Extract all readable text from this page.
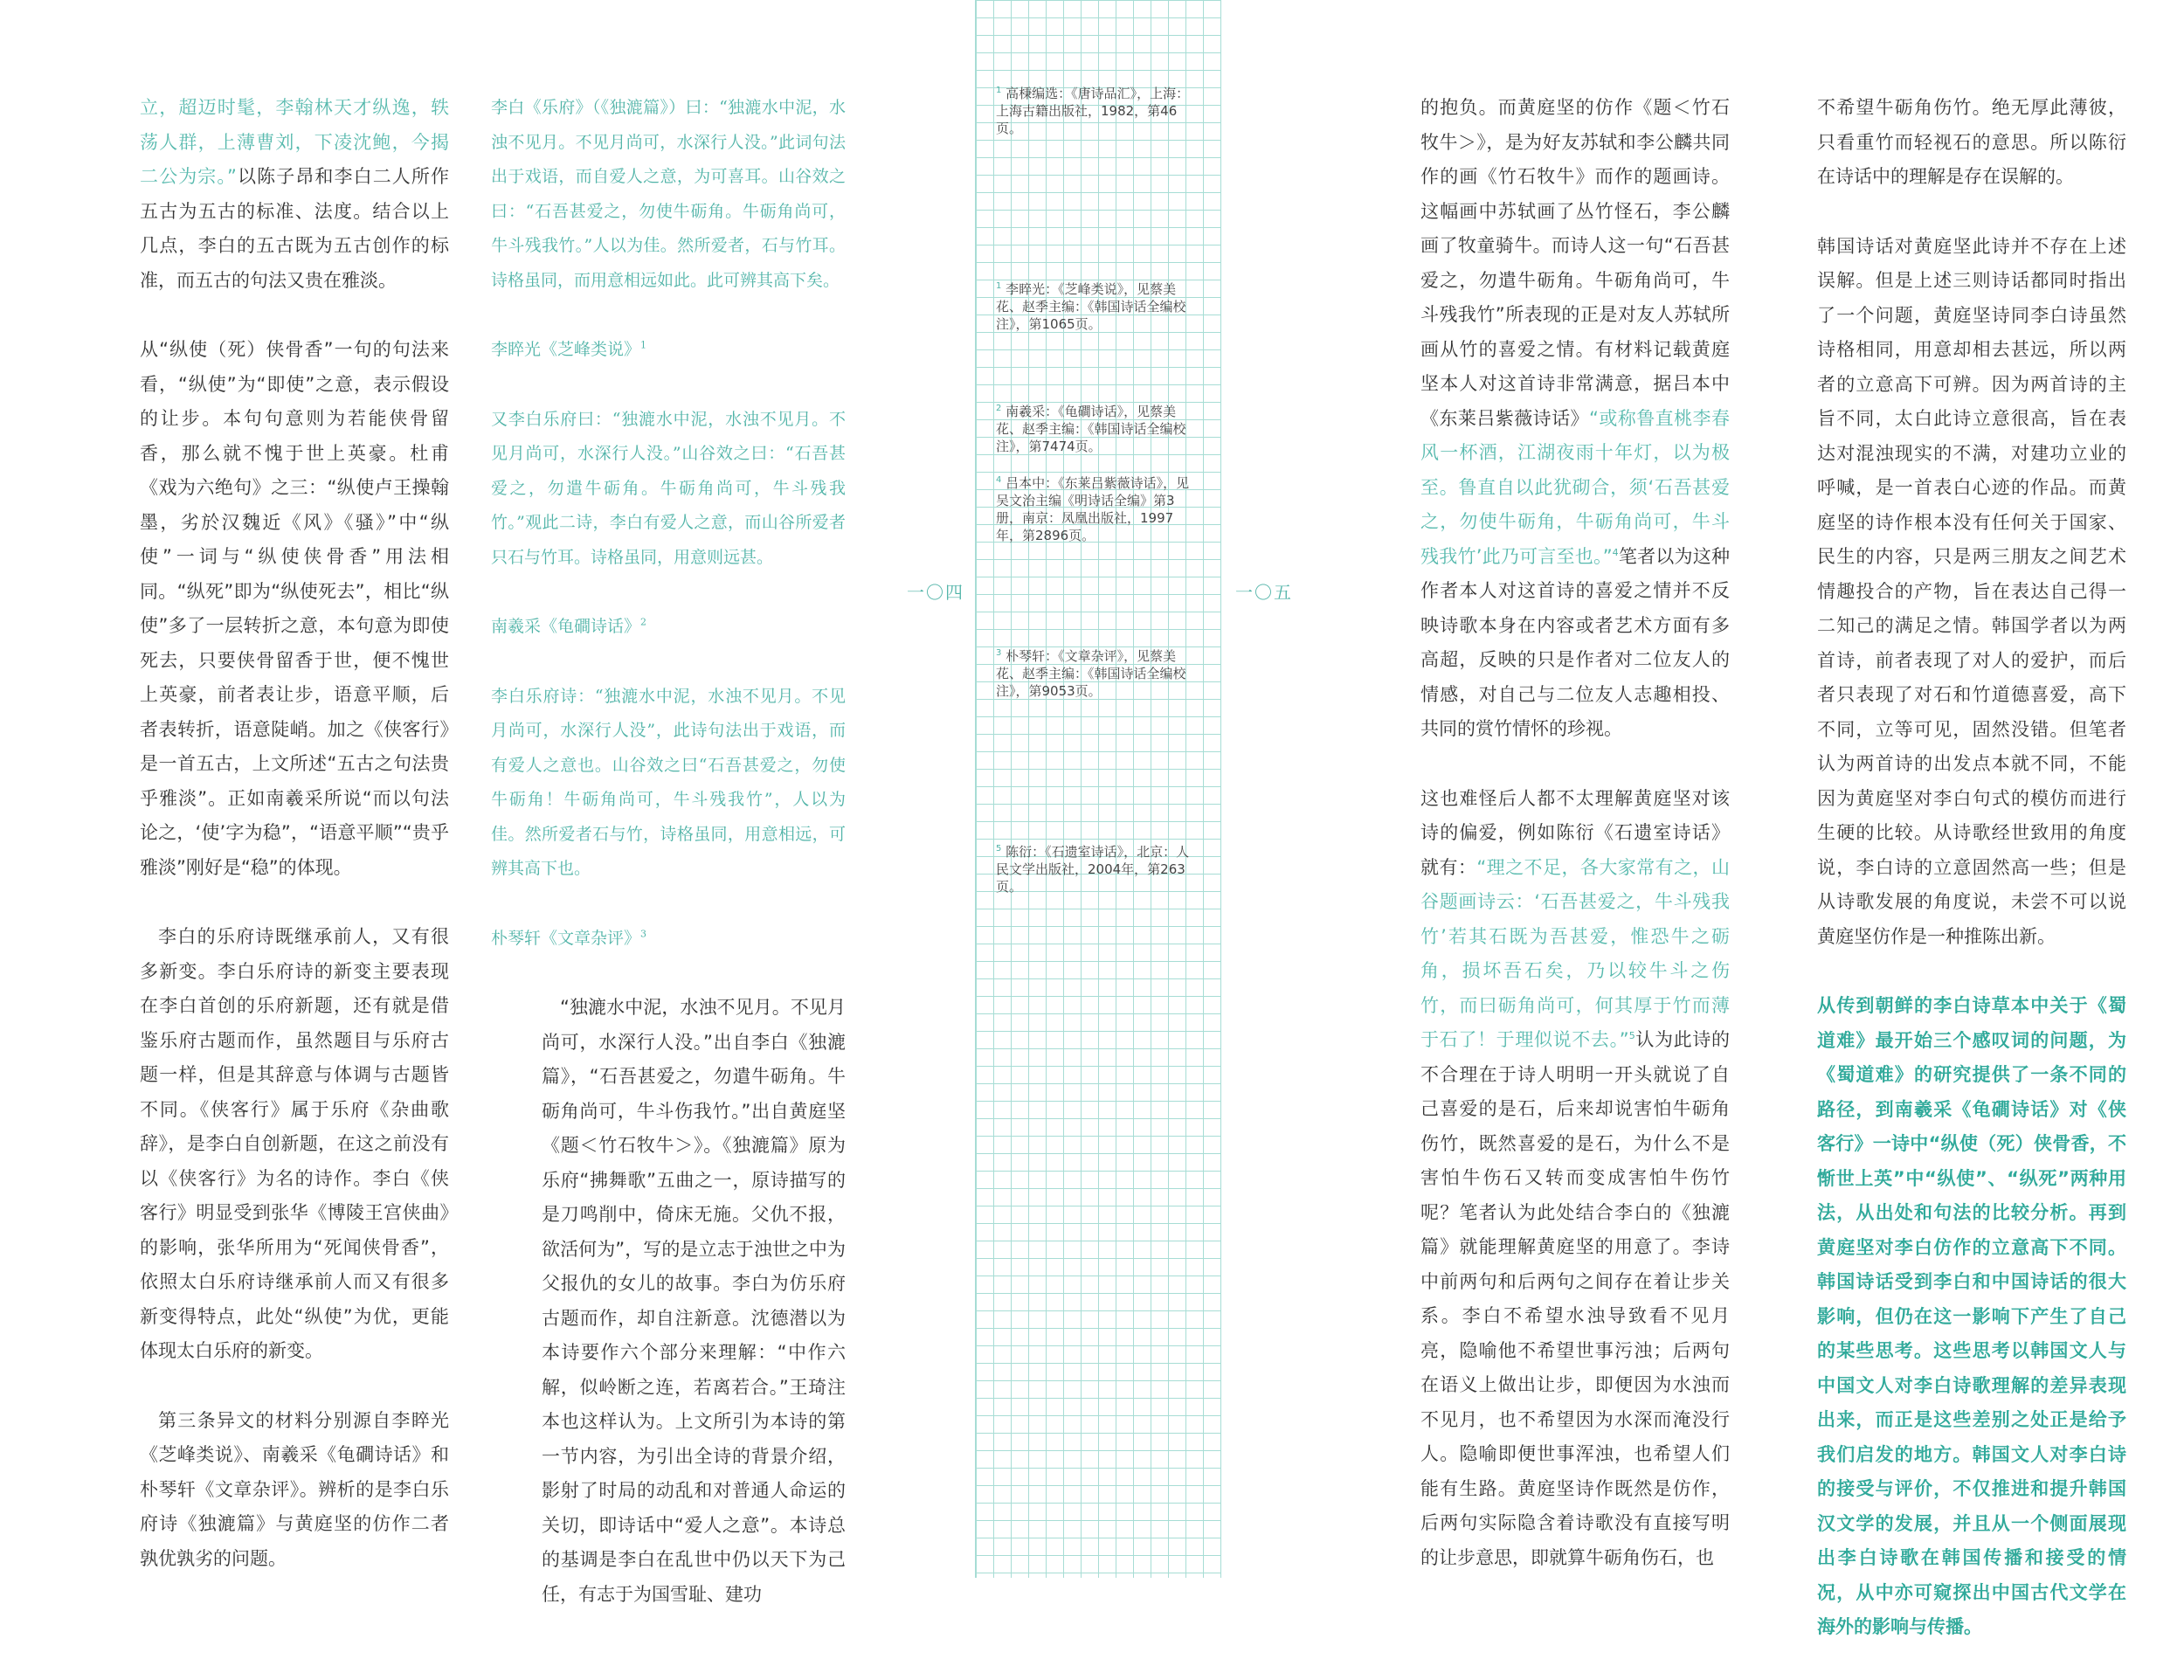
立，超迈时髦，李翰林天才纵逸，轶荡人群，上薄曹刘，下凌沈鲍，今揭二公为宗。”以陈子昂和李白二人所作五古为五古的标准、法度。结合以上几点，李白的五古既为五古创作的标准，而五古的句法又贵在雅淡。

从“纵使（死）侠骨香”一句的句法来看，“纵使”为“即使”之意，表示假设的让步。本句句意则为若能侠骨留香，那么就不愧于世上英豪。杜甫《戏为六绝句》之三：“纵使卢王操翰墨，劣於汉魏近《风》《骚》”中“纵使”一词与“纵使侠骨香”用法相同。“纵死”即为“纵使死去”，相比“纵使”多了一层转折之意，本句意为即使死去，只要侠骨留香于世，便不愧世上英豪，前者表让步，语意平顺，后者表转折，语意陡峭。加之《侠客行》是一首五古，上文所述“五古之句法贵乎雅淡”。正如南羲采所说“而以句法论之，‘使’字为稳”，“语意平顺”“贵乎雅淡”刚好是“稳”的体现。

李白的乐府诗既继承前人，又有很多新变。李白乐府诗的新变主要表现在李白首创的乐府新题，还有就是借鉴乐府古题而作，虽然题目与乐府古题一样，但是其辞意与体调与古题皆不同。《侠客行》属于乐府《杂曲歌辞》，是李白自创新题，在这之前没有以《侠客行》为名的诗作。李白《侠客行》明显受到张华《博陵王宫侠曲》的影响，张华所用为“死闻侠骨香”，依照太白乐府诗继承前人而又有很多新变得特点，此处“纵使”为优，更能体现太白乐府的新变。

第三条异文的材料分别源自李睟光《芝峰类说》、南羲采《龟磵诗话》和朴琴轩《文章杂评》。辨析的是李白乐府诗《独漉篇》与黄庭坚的仿作二者孰优孰劣的问题。

李白《乐府》（《独漉篇》）曰：“独漉水中泥，水浊不见月。不见月尚可，水深行人没。”此词句法出于戏语，而自爱人之意，为可喜耳。山谷效之曰：“石吾甚爱之，勿使牛砺角。牛砺角尚可，牛斗残我竹。”人以为佳。然所爱者，石与竹耳。诗格虽同，而用意相远如此。此可辨其高下矣。

李睟光《芝峰类说》$^1$

又李白乐府曰：“独漉水中泥，水浊不见月。不见月尚可，水深行人没。”山谷效之曰：“石吾甚爱之，勿遣牛砺角。牛砺角尚可，牛斗残我竹。”观此二诗，李白有爱人之意，而山谷所爱者只石与竹耳。诗格虽同，用意则远甚。

南羲采《龟磵诗话》$^2$

李白乐府诗：“独漉水中泥，水浊不见月。不见月尚可，水深行人没”，此诗句法出于戏语，而有爱人之意也。山谷效之曰“石吾甚爱之，勿使牛砺角！牛砺角尚可，牛斗残我竹”，人以为佳。然所爱者石与竹，诗格虽同，用意相远，可辨其高下也。

朴琴轩《文章杂评》$^3$

“独漉水中泥，水浊不见月。不见月尚可，水深行人没。”出自李白《独漉篇》，“石吾甚爱之，勿遣牛砺角。牛砺角尚可，牛斗伤我竹。”出自黄庭坚《题＜竹石牧牛＞》。《独漉篇》原为乐府“拂舞歌”五曲之一，原诗描写的是刀鸣削中，倚床无施。父仇不报，欲活何为”，写的是立志于浊世之中为父报仇的女儿的故事。李白为仿乐府古题而作，却自注新意。沈德潜以为本诗要作六个部分来理解：“中作六解，似岭断之连，若离若合。”王琦注本也这样认为。上文所引为本诗的第一节内容，为引出全诗的背景介绍，影射了时局的动乱和对普通人命运的关切，即诗话中“爱人之意”。本诗总的基调是李白在乱世中仍以天下为己任，有志于为国雪耻、建功

一〇四	一〇五
$^1$ 高棅编选：《唐诗品汇》，上海：上海古籍出版社，1982，第46页。
$^1$ 李睟光：《芝峰类说》，见蔡美花、赵季主编：《韩国诗话全编校注》，第1065页。
$^2$ 南羲采：《龟磵诗话》，见蔡美花、赵季主编：《韩国诗话全编校注》，第7474页。
$^4$ 吕本中：《东莱吕紫薇诗话》，见吴文治主编《明诗话全编》第3册，南京：凤凰出版社，1997年，第2896页。
$^3$ 朴琴轩：《文章杂评》，见蔡美花、赵季主编：《韩国诗话全编校注》，第9053页。
$^5$ 陈衍：《石遗室诗话》，北京：人民文学出版社，2004年，第263页。

的抱负。而黄庭坚的仿作《题＜竹石牧牛＞》，是为好友苏轼和李公麟共同作的画《竹石牧牛》而作的题画诗。这幅画中苏轼画了丛竹怪石，李公麟画了牧童骑牛。而诗人这一句“石吾甚爱之，勿遣牛砺角。牛砺角尚可，牛斗残我竹”所表现的正是对友人苏轼所画从竹的喜爱之情。有材料记载黄庭坚本人对这首诗非常满意，据吕本中《东莱吕紫薇诗话》“或称鲁直桃李春风一杯酒，江湖夜雨十年灯，以为极至。鲁直自以此犹砌合，须‘石吾甚爱之，勿使牛砺角，牛砺角尚可，牛斗残我竹’此乃可言至也。”$^4$笔者以为这种作者本人对这首诗的喜爱之情并不反映诗歌本身在内容或者艺术方面有多高超，反映的只是作者对二位友人的情感，对自己与二位友人志趣相投、共同的赏竹情怀的珍视。

这也难怪后人都不太理解黄庭坚对该诗的偏爱，例如陈衍《石遗室诗话》就有：“理之不足，各大家常有之，山谷题画诗云：‘石吾甚爱之，牛斗残我竹’若其石既为吾甚爱，惟恐牛之砺角，损坏吾石矣，乃以较牛斗之伤竹，而曰砺角尚可，何其厚于竹而薄于石了！于理似说不去。”$^5$认为此诗的不合理在于诗人明明一开头就说了自己喜爱的是石，后来却说害怕牛砺角伤竹，既然喜爱的是石，为什么不是害怕牛伤石又转而变成害怕牛伤竹呢？笔者认为此处结合李白的《独漉篇》就能理解黄庭坚的用意了。李诗中前两句和后两句之间存在着让步关系。李白不希望水浊导致看不见月亮，隐喻他不希望世事污浊；后两句在语义上做出让步，即便因为水浊而不见月，也不希望因为水深而淹没行人。隐喻即便世事浑浊，也希望人们能有生路。黄庭坚诗作既然是仿作，后两句实际隐含着诗歌没有直接写明的让步意思，即就算牛砺角伤石，也

不希望牛砺角伤竹。绝无厚此薄彼，只看重竹而轻视石的意思。所以陈衍在诗话中的理解是存在误解的。

韩国诗话对黄庭坚此诗并不存在上述误解。但是上述三则诗话都同时指出了一个问题，黄庭坚诗同李白诗虽然诗格相同，用意却相去甚远，所以两者的立意高下可辨。因为两首诗的主旨不同，太白此诗立意很高，旨在表达对混浊现实的不满，对建功立业的呼喊，是一首表白心迹的作品。而黄庭坚的诗作根本没有任何关于国家、民生的内容，只是两三朋友之间艺术情趣投合的产物，旨在表达自己得一二知己的满足之情。韩国学者以为两首诗，前者表现了对人的爱护，而后者只表现了对石和竹道德喜爱，高下不同，立等可见，固然没错。但笔者认为两首诗的出发点本就不同，不能因为黄庭坚对李白句式的模仿而进行生硬的比较。从诗歌经世致用的角度说，李白诗的立意固然高一些；但是从诗歌发展的角度说，未尝不可以说黄庭坚仿作是一种推陈出新。

从传到朝鲜的李白诗草本中关于《蜀道难》最开始三个感叹词的问题，为《蜀道难》的研究提供了一条不同的路径，到南羲采《龟磵诗话》对《侠客行》一诗中“纵使（死）侠骨香，不惭世上英”中“纵使”、“纵死”两种用法，从出处和句法的比较分析。再到黄庭坚对李白仿作的立意高下不同。韩国诗话受到李白和中国诗话的很大影响，但仍在这一影响下产生了自己的某些思考。这些思考以韩国文人与中国文人对李白诗歌理解的差异表现出来，而正是这些差别之处正是给予我们启发的地方。韩国文人对李白诗的接受与评价，不仅推进和提升韩国汉文学的发展，并且从一个侧面展现出李白诗歌在韩国传播和接受的情况，从中亦可窥探出中国古代文学在海外的影响与传播。
